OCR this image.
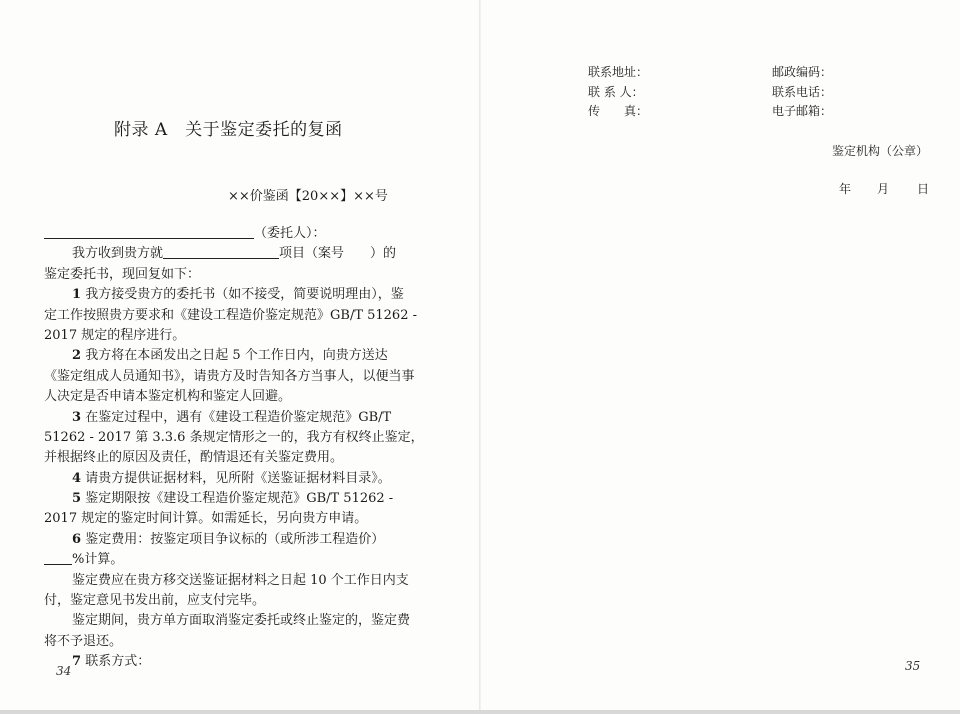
附录 A　关于鉴定委托的复函
××价鉴函【20××】××号
（委托人）：
我方收到贵方就	项目（案号　　）的
鉴定委托书，现回复如下：
1 我方接受贵方的委托书（如不接受，简要说明理由），鉴
定工作按照贵方要求和《建设工程造价鉴定规范》GB/T 51262 -
2017 规定的程序进行。
2 我方将在本函发出之日起 5 个工作日内，向贵方送达
《鉴定组成人员通知书》，请贵方及时告知各方当事人，以便当事
人决定是否申请本鉴定机构和鉴定人回避。
3 在鉴定过程中，遇有《建设工程造价鉴定规范》GB/T
51262 - 2017 第 3.3.6 条规定情形之一的，我方有权终止鉴定，
并根据终止的原因及责任，酌情退还有关鉴定费用。
4 请贵方提供证据材料，见所附《送鉴证据材料目录》。
5 鉴定期限按《建设工程造价鉴定规范》GB/T 51262 -
2017 规定的鉴定时间计算。如需延长，另向贵方申请。
6 鉴定费用：按鉴定项目争议标的（或所涉工程造价）
%计算。
鉴定费应在贵方移交送鉴证据材料之日起 10 个工作日内支
付，鉴定意见书发出前，应支付完毕。
鉴定期间，贵方单方面取消鉴定委托或终止鉴定的，鉴定费
将不予退还。
7 联系方式：
34
联系地址：
联 系 人：
传　　真：
邮政编码：
联系电话：
电子邮箱：
鉴定机构（公章）
年 月 日
35
